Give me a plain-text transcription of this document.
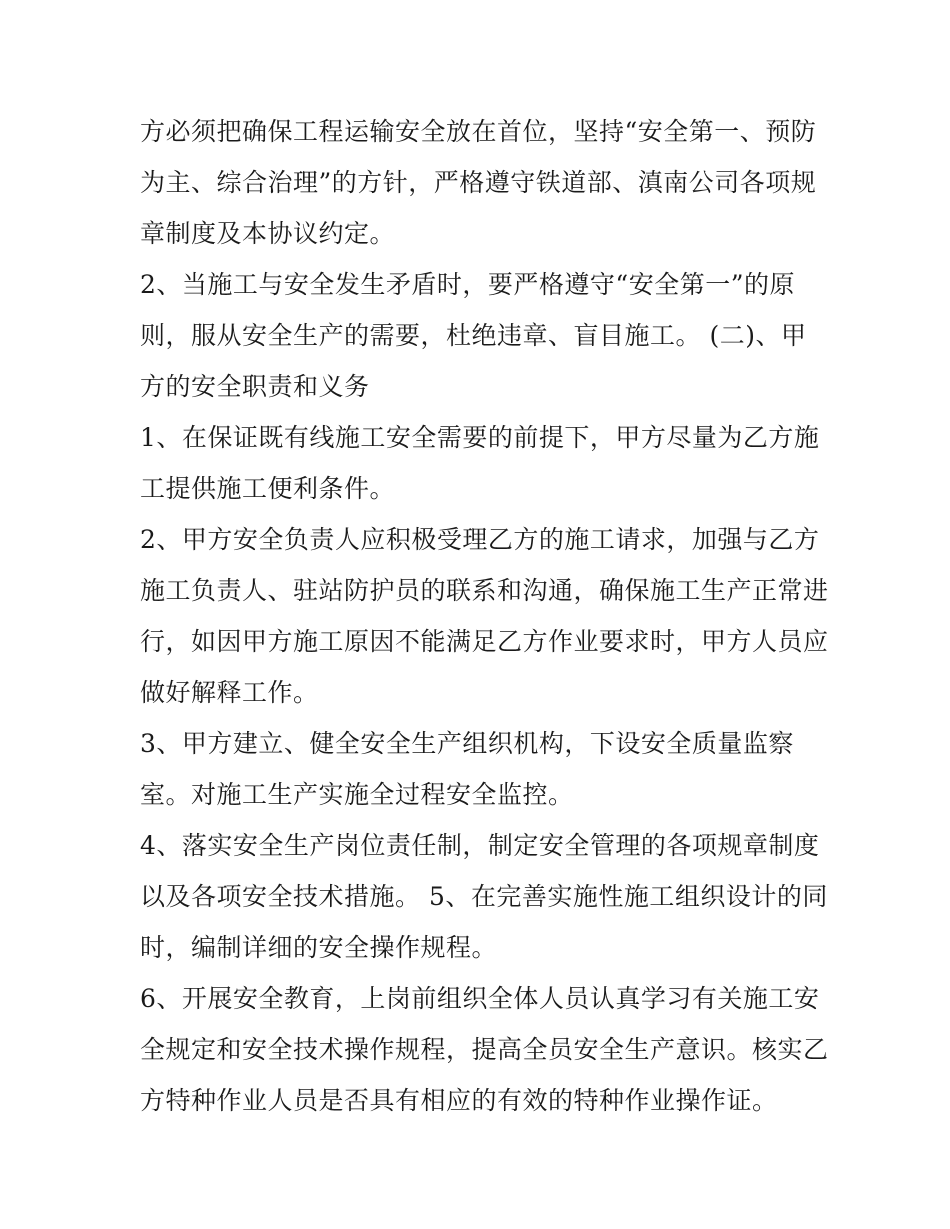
方必须把确保工程运输安全放在首位，坚持“安全第一、预防
为主、综合治理”的方针，严格遵守铁道部、滇南公司各项规
章制度及本协议约定。
2、当施工与安全发生矛盾时，要严格遵守“安全第一”的原
则，服从安全生产的需要，杜绝违章、盲目施工。 (二)、甲
方的安全职责和义务
1、在保证既有线施工安全需要的前提下，甲方尽量为乙方施
工提供施工便利条件。
2、甲方安全负责人应积极受理乙方的施工请求，加强与乙方
施工负责人、驻站防护员的联系和沟通，确保施工生产正常进
行，如因甲方施工原因不能满足乙方作业要求时，甲方人员应
做好解释工作。
3、甲方建立、健全安全生产组织机构，下设安全质量监察
室。对施工生产实施全过程安全监控。
4、落实安全生产岗位责任制，制定安全管理的各项规章制度
以及各项安全技术措施。 5、在完善实施性施工组织设计的同
时，编制详细的安全操作规程。
6、开展安全教育，上岗前组织全体人员认真学习有关施工安
全规定和安全技术操作规程，提高全员安全生产意识。核实乙
方特种作业人员是否具有相应的有效的特种作业操作证。
